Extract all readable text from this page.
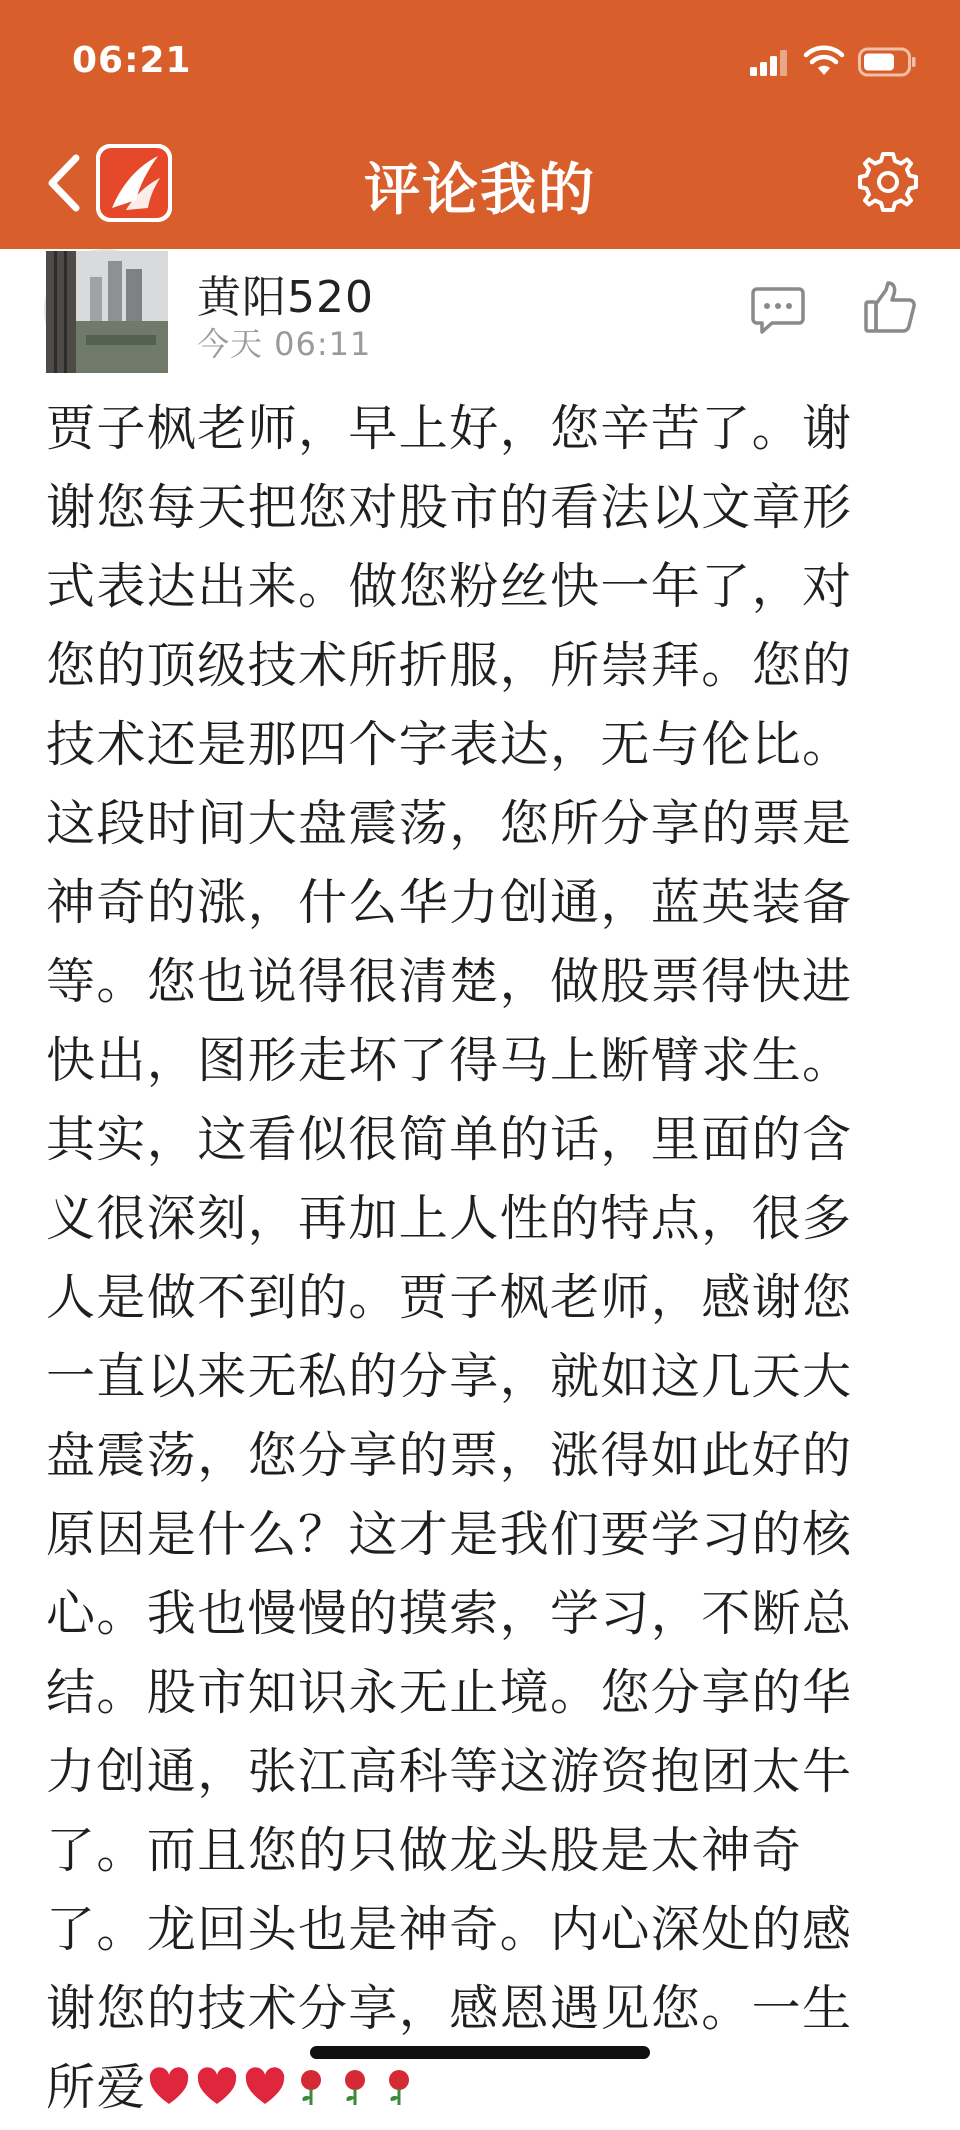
06:21
评论我的
黄阳520
今天 06:11
贾子枫老师，早上好，您辛苦了。谢谢您每天把您对股市的看法以文章形式表达出来。做您粉丝快一年了，对您的顶级技术所折服，所崇拜。您的技术还是那四个字表达，无与伦比。这段时间大盘震荡，您所分享的票是神奇的涨，什么华力创通，蓝英装备等。您也说得很清楚，做股票得快进快出，图形走坏了得马上断臂求生。其实，这看似很简单的话，里面的含义很深刻，再加上人性的特点，很多人是做不到的。贾子枫老师，感谢您一直以来无私的分享，就如这几天大盘震荡，您分享的票，涨得如此好的原因是什么？这才是我们要学习的核心。我也慢慢的摸索，学习，不断总结。股市知识永无止境。您分享的华力创通，张江高科等这游资抱团太牛了。而且您的只做龙头股是太神奇了。龙回头也是神奇。内心深处的感谢您的技术分享，感恩遇见您。一生所爱
